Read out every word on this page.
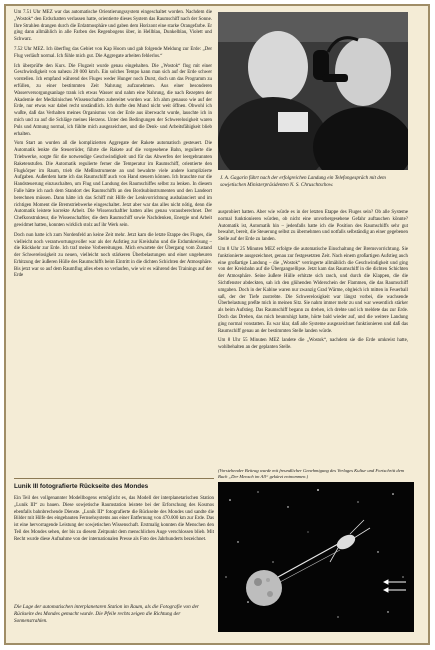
Um 7.51 Uhr MEZ war das automatische Orientierungssystem eingeschaltet worden. Nachdem die „Wostok“ den Erdschatten verlassen hatte, orientierte dieses System das Raumschiff nach der Sonne. Ihre Strahlen drangen durch die Erdatmosphäre und gaben dem Horizont eine starke Orangefarbe. Er ging dann allmählich in alle Farben des Regenbogens über, in Hellblau, Dunkelblau, Violett und Schwarz.

7.52 Uhr MEZ. Ich überflog das Gebiet von Kap Hoorn und gab folgende Meldung zur Erde: „Der Flug verläuft normal. Ich fühle mich gut. Die Aggregate arbeiten fehlerlos.“

Ich überprüfte den Kurs. Die Flugzeit wurde genau eingehalten. Die „Wostok“ flog mit einer Geschwindigkeit von nahezu 28 000 km/h. Ein solches Tempo kann man sich auf der Erde schwer vorstellen. Ich empfand während des Fluges weder Hunger noch Durst, doch um das Programm zu erfüllen, zu einer bestimmten Zeit Nahrung aufzunehmen. Aus einer besonderen Wasserversorgungsanlage trank ich etwas Wasser und nahm eine Nahrung, die nach Rezepten der Akademie der Medizinischen Wissenschaften zubereitet worden war. Ich ahm genauso wie auf der Erde, nur etwas war dabei recht unständlich. Ich durfte den Mund nicht weit öffnen. Obwohl ich wußte, daß das Verhalten meines Organismus von der Erde aus überwacht wurde, lauschte ich in mich und zu auf die Schläge meines Herzens. Unter den Bedingungen der Schwerelosigkeit waren Puls und Atmung normal, ich fühlte mich ausgezeichnet, und die Denk- und Arbeitsfähigkeit blieb erhalten.

Vom Start an wurden all die komplizierten Aggregate der Rakete automatisch gesteuert. Die Automatik lenkte die Steuerrüder, führte die Rakete auf die vorgesehene Bahn, regulierte die Triebwerke, sorgte für die notwendige Geschwindigkeit und für das Abwerfen der leergebrannten Raketenstufen. Die Automatik regulierte ferner die Temperatur im Raumschiff, orientierte den Flugkörper im Raum, trieb die Meßinstrumente an und bewahrte viele andere komplizierte Aufgaben. Außerdem hatte ich das Raumschiff auch von Hand steuern können. Ich brauchte nur die Handsteuerung einzuschalten, um Flug und Landung des Raumschiffes selbst zu lenken. In diesem Falle hätte ich nach dem Standort des Raumschiffs an den Bordsubinstrumenten und den Landeort berechnen müssen. Dann hätte ich das Schiff mit Hilfe der Lenkvorrichtung ausbalanciert und im richtigen Moment die Bremstriebwerke eingeschaltet. Jetzt aber war das alles nicht nötig, denn die Automatik leistete korrekte Arbeit. Die Wissenschaftler hatten alles genau vorausberechnet. Der Chefkonstrukteur, die Wissenschaftler, die dem Raumschiff sowie Nachdenken, Energie und Arbeit gewidmet hatten, konnten wirklich stolz auf ihr Werk sein.

Doch nun hatte ich zum Nordenfeld an keine Zeit mehr. Jetzt kam die letzte Etappe des Fluges, die vielleicht noch verantwortungsvoller war als der Aufstieg zur Kreisbahn und die Erdumkreisung – die Rückkehr zur Erde. Ich traf meine Vorbereitungen. Mich erwartete der Übergang vom Zustand der Schwerelosigkeit zu neuen, vielleicht noch stärkeren Überbelastungen und einer ungeheuren Erhitzung der äußeren Hülle des Raumschiffs beim Eintritt in die dichten Schichten der Atmosphäre. Bis jetzt war so auf dem Raumflug alles eben so verlaufen, wie wir es während des Trainings auf der Erde

J. A. Gagarin führt nach der erfolgreichen Landung ein Telefongespräch mit dem sowjetischen Ministerpräsidenten N. S. Chruschtschow.

ausprobiert hatten. Aber wie würde es in der letzten Etappe des Fluges sein? Ob alle Systeme normal funktionieren würden, ob nicht eine unvorhergesehene Gefahr auftauchen könnte? Automatik ist, Automatik hin – jedenfalls hatte ich die Position des Raumschiffs sehr gut bewahrt, bereit, die Steuerung selbst zu übernehmen und notfalls selbständig an einer gegebenen Stelle auf der Erde zu landen.

Um 8 Uhr 25 Minuten MEZ erfolgte die automatische Einschaltung der Bremsvorrichtung. Sie funktionierte ausgezeichnet, genau zur festgesetzten Zeit. Nach einem großartigen Aufstieg auch eine großartige Landung – die „Wostok“ verringerte allmählich die Geschwindigkeit und ging von der Kreisbahn auf die Übergangsellipse. Jetzt kam das Raumschiff in die dichten Schichten der Atmosphäre. Seine äußere Hülle erhitzte sich rasch, und durch die Klappen, die die Sichtfenster abdeckten, sah ich den glühenden Widerschein der Flammen, die das Raumschiff umgaben. Doch in der Kabine waren nur zwanzig Grad Wärme, obgleich ich mitten in Feuerball saß, der der Tiefe zustrebte. Die Schwerelosigkeit war längst vorbei, die wachsende Überbelastung preßte mich in meinen Sitz. Sie nahm immer mehr zu und war wesentlich stärker als beim Aufstieg. Das Raumschiff begann zu drehen, ich drehte und ich meldete das zur Erde. Doch das Drehen, das mich beunruhigt hatte, hörte bald wieder auf, und die weitere Landung ging normal vonstatten. Es war klar, daß alle Systeme ausgezeichnet funktionieren und daß das Raumschiff genau an der bestimmten Stelle landen würde.

Um 8 Uhr 55 Minuten MEZ landete die „Wostok“, nachdem sie die Erde umkreist hatte, wohlbehalten an der geplanten Stelle.

(Vorstehender Beitrag wurde mit freundlicher Genehmigung des Verlages Kultur und Fortschritt dem Buch „Der Mensch im All“ gekürzt entnommen.)
Lunik III fotografierte Rückseite des Mondes
Ein Teil des vollgenannter Modellbogens ermöglicht es, das Modell der interplanetarischen Station „Lunik III“ zu bauen. Diese sowjetische Raumstation leistete bei der Erforschung des Kosmos ebenfalls bahnbrechende Dienste. „Lunik III“ fotografierte die Rückseite des Mondes und sandte die Bilder mit Hilfe des eingebauten Fernsehsystems aus einer Entfernung von 470.000 km zur Erde. Das ist eine hervorragende Leistung der sowjetischen Wissenschaft. Erstmalig konnten die Menschen den Teil des Mondes sehen, der bis zu diesem Zeitpunkt dem menschlichen Auge verschlossen blieb. Mit Recht wurde diese Aufnahme von der internationalen Presse als Foto des Jahrhunderts bezeichnet.
Die Lage der automatischen interplanetaren Station im Raum, als die Fotografie von der Rückseite des Mondes gemacht wurde. Die Pfeile rechts zeigen die Richtung der Sonnenstrahlen.
